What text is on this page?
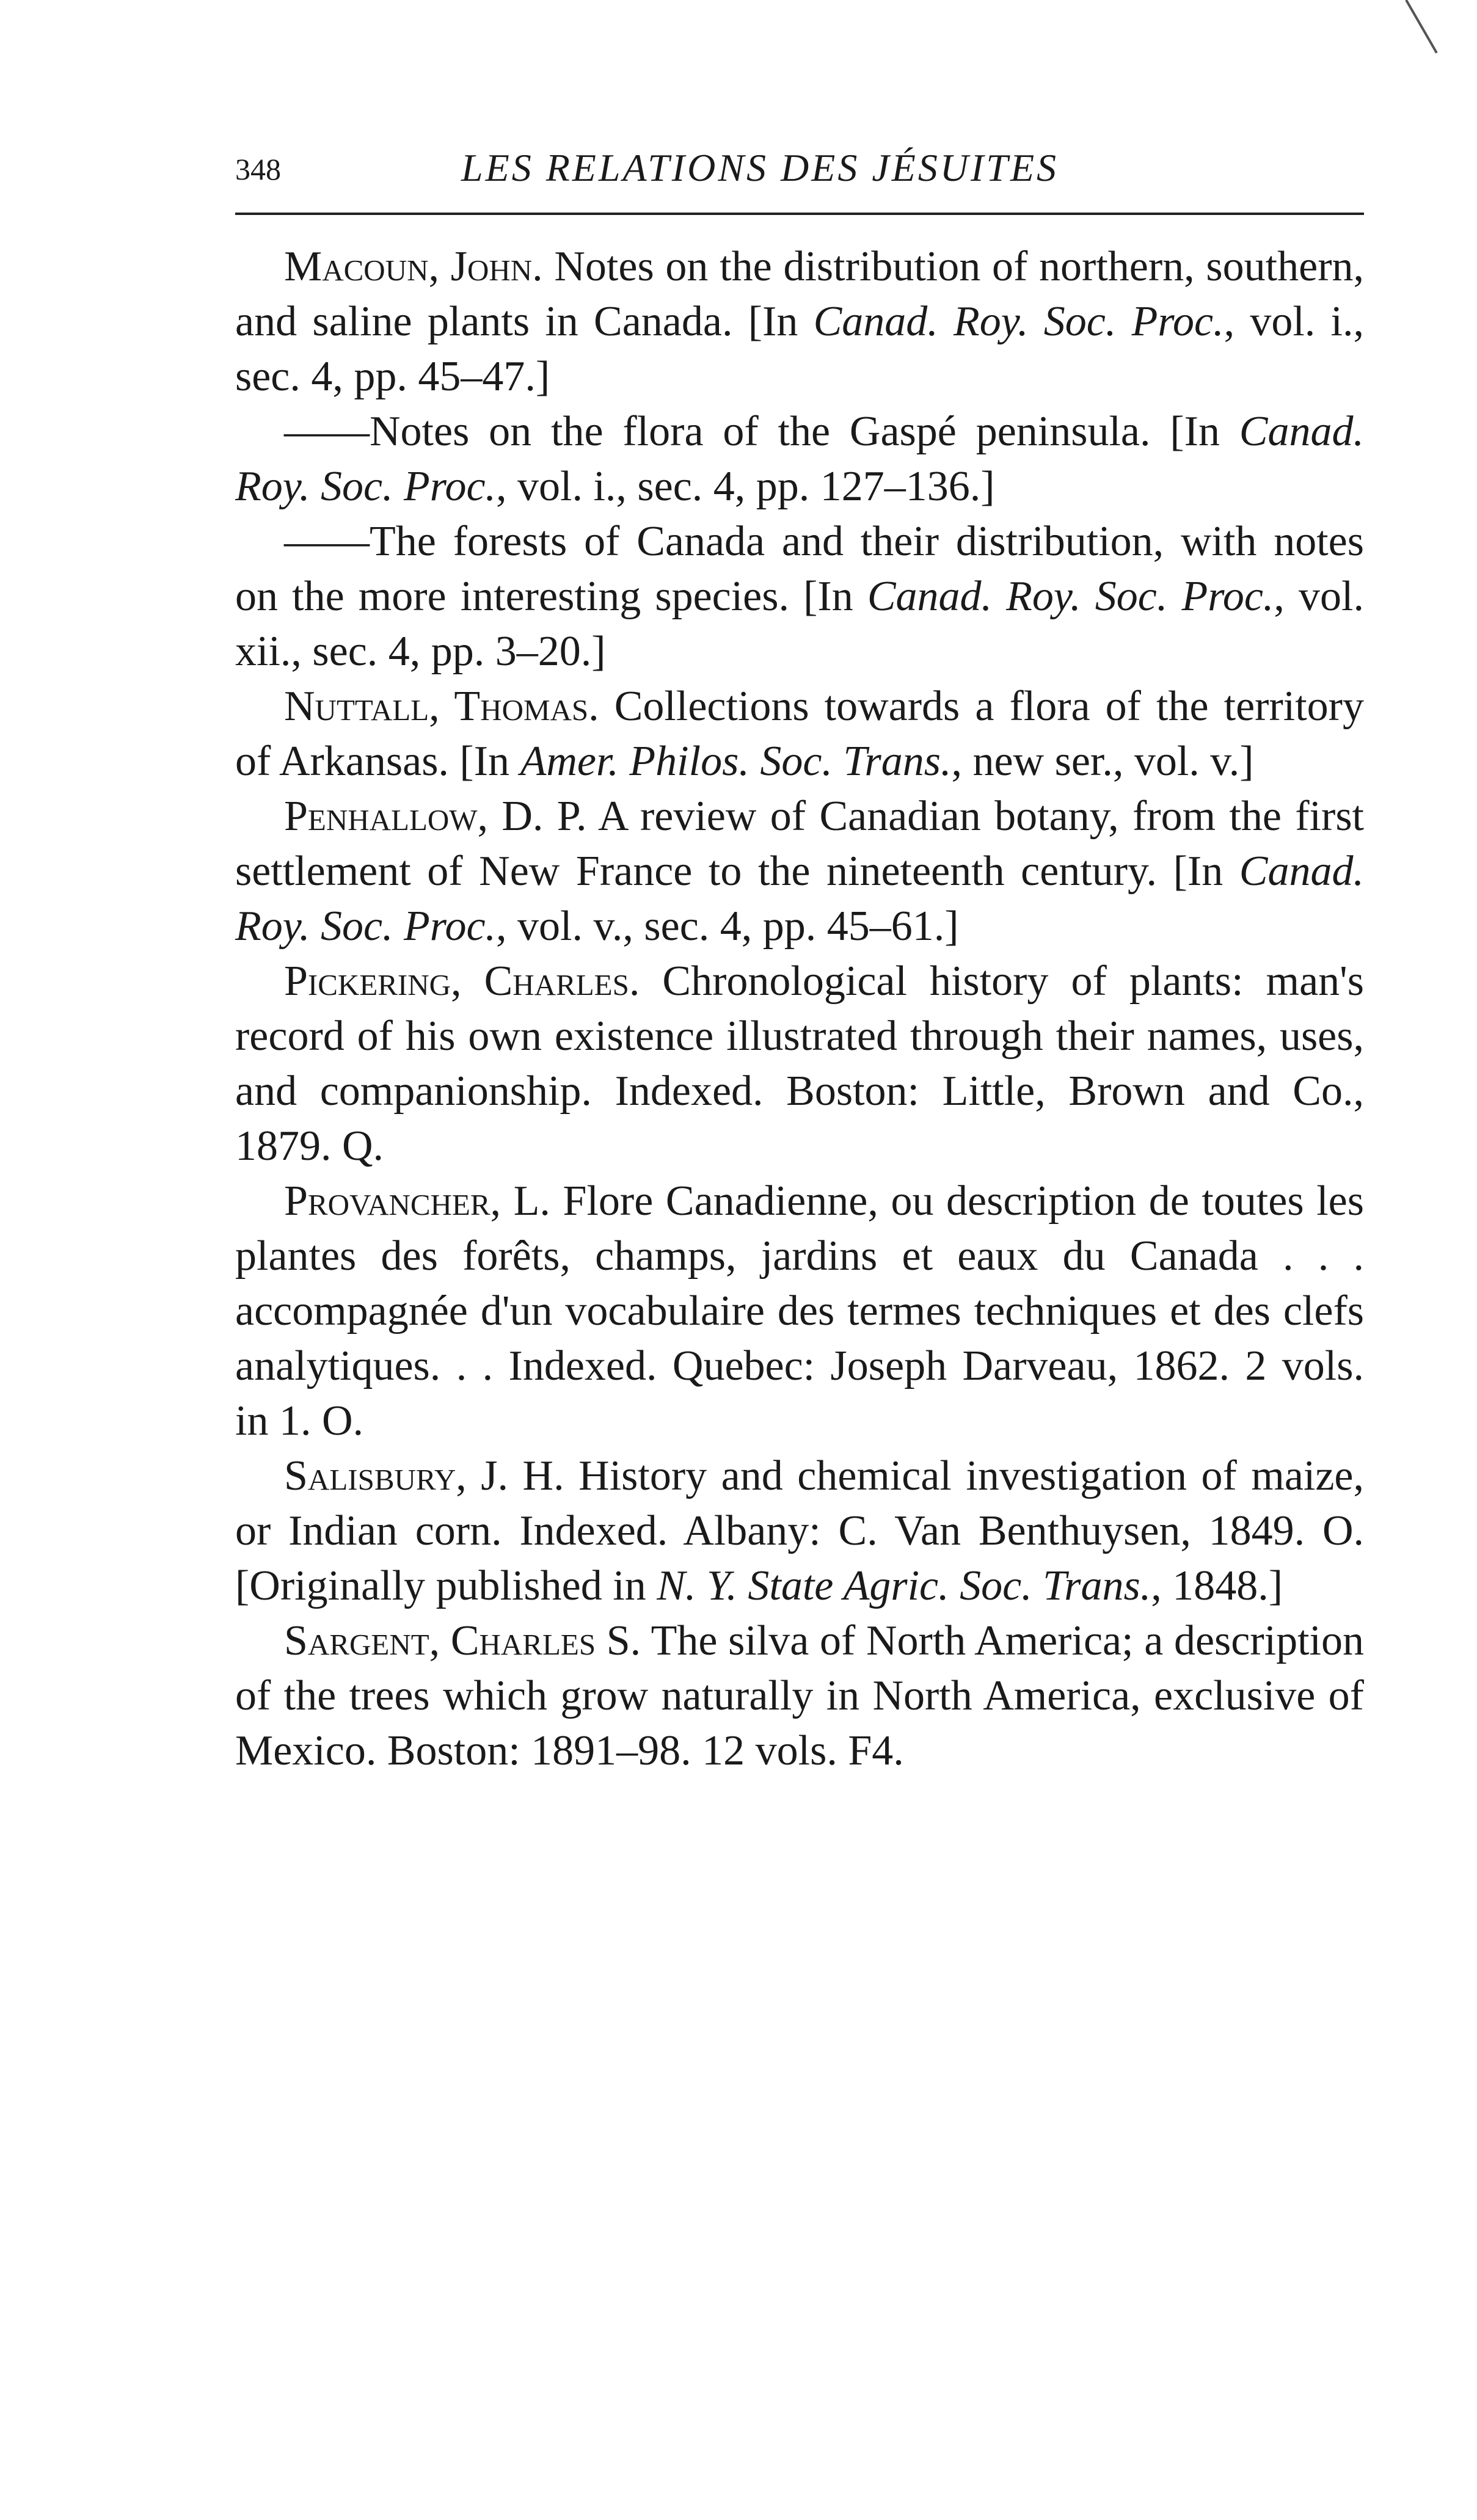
348	LES RELATIONS DES JÉSUITES

Macoun, John. Notes on the distribution of northern, southern, and saline plants in Canada. [In Canad. Roy. Soc. Proc., vol. i., sec. 4, pp. 45–47.]

——Notes on the flora of the Gaspé peninsula. [In Canad. Roy. Soc. Proc., vol. i., sec. 4, pp. 127–136.]

——The forests of Canada and their distribution, with notes on the more interesting species. [In Canad. Roy. Soc. Proc., vol. xii., sec. 4, pp. 3–20.]

Nuttall, Thomas. Collections towards a flora of the territory of Arkansas. [In Amer. Philos. Soc. Trans., new ser., vol. v.]

Penhallow, D. P. A review of Canadian botany, from the first settlement of New France to the nineteenth century. [In Canad. Roy. Soc. Proc., vol. v., sec. 4, pp. 45–61.]

Pickering, Charles. Chronological history of plants: man's record of his own existence illustrated through their names, uses, and companionship. Indexed. Boston: Little, Brown and Co., 1879. Q.

Provancher, L. Flore Canadienne, ou description de toutes les plantes des forêts, champs, jardins et eaux du Canada . . . accompagnée d'un vocabulaire des termes techniques et des clefs analytiques. . . Indexed. Quebec: Joseph Darveau, 1862. 2 vols. in 1. O.

Salisbury, J. H. History and chemical investigation of maize, or Indian corn. Indexed. Albany: C. Van Benthuysen, 1849. O. [Originally published in N. Y. State Agric. Soc. Trans., 1848.]

Sargent, Charles S. The silva of North America; a description of the trees which grow naturally in North America, exclusive of Mexico. Boston: 1891–98. 12 vols. F4.
